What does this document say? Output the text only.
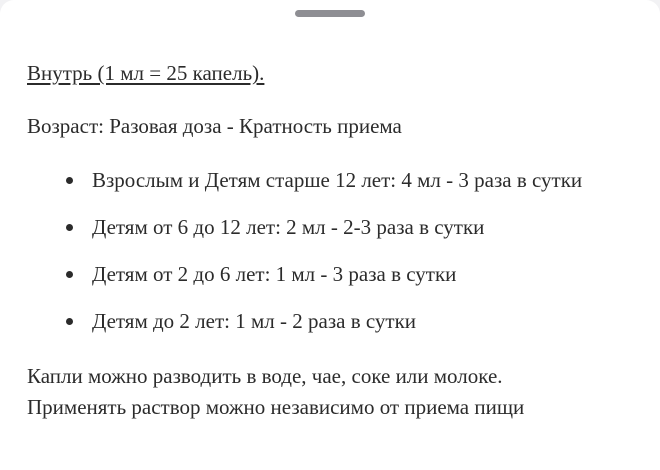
Внутрь (1 мл = 25 капель).

Возраст: Разовая доза - Кратность приема

Взрослым и Детям старше 12 лет: 4 мл - 3 раза в сутки
Детям от 6 до 12 лет: 2 мл - 2-3 раза в сутки
Детям от 2 до 6 лет: 1 мл - 3 раза в сутки
Детям до 2 лет: 1 мл - 2 раза в сутки

Капли можно разводить в воде, чае, соке или молоке.
Применять раствор можно независимо от приема пищи
